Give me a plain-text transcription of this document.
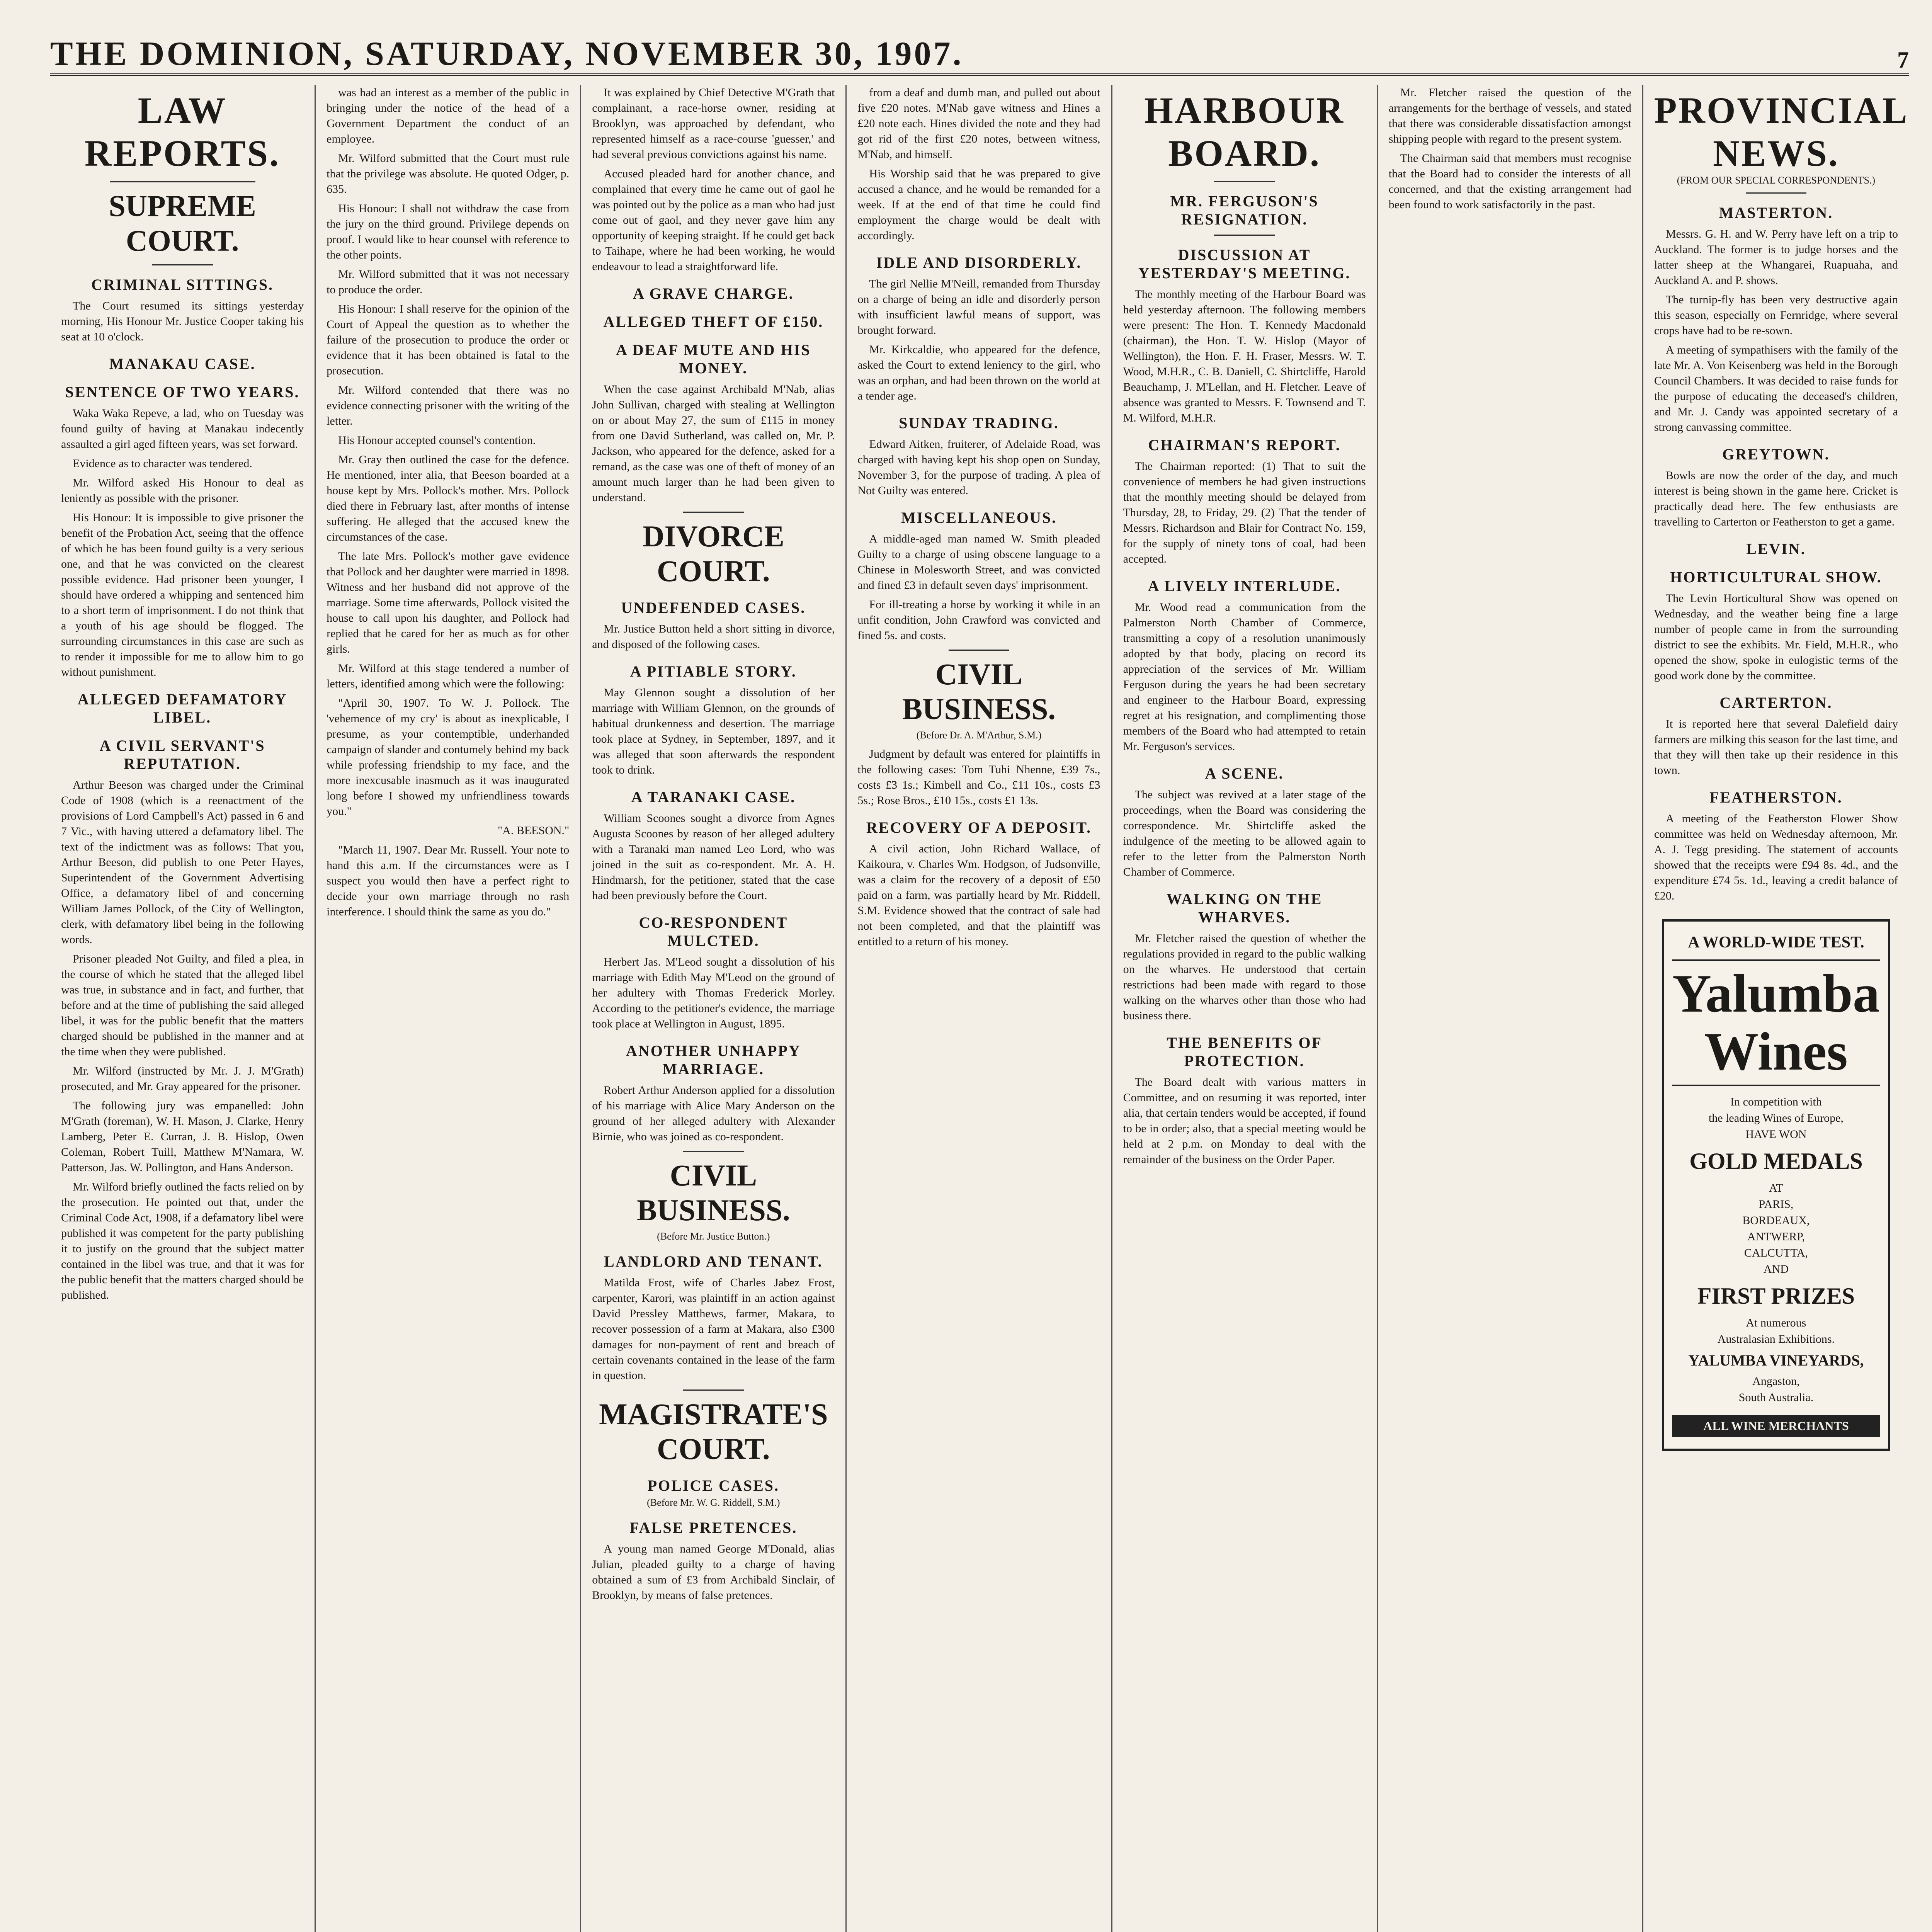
THE DOMINION, SATURDAY, NOVEMBER 30, 1907.	7
LAW REPORTS.
SUPREME COURT.
CRIMINAL SITTINGS.

The Court resumed its sittings yesterday morning, His Honour Mr. Justice Cooper taking his seat at 10 o'clock.

MANAKAU CASE.
SENTENCE OF TWO YEARS.

Waka Waka Repeve, a lad, who on Tuesday was found guilty of having at Manakau indecently assaulted a girl aged fifteen years, was set forward.

Evidence as to character was tendered.

Mr. Wilford asked His Honour to deal as leniently as possible with the prisoner.

His Honour: It is impossible to give prisoner the benefit of the Probation Act, seeing that the offence of which he has been found guilty is a very serious one, and that he was convicted on the clearest possible evidence. Had prisoner been younger, I should have ordered a whipping and sentenced him to a short term of imprisonment. I do not think that a youth of his age should be flogged. The surrounding circumstances in this case are such as to render it impossible for me to allow him to go without punishment.

ALLEGED DEFAMATORY LIBEL.
A CIVIL SERVANT'S REPUTATION.

Arthur Beeson was charged under the Criminal Code of 1908 (which is a reenactment of the provisions of Lord Campbell's Act) passed in 6 and 7 Vic., with having uttered a defamatory libel. The text of the indictment was as follows: That you, Arthur Beeson, did publish to one Peter Hayes, Superintendent of the Government Advertising Office, a defamatory libel of and concerning William James Pollock, of the City of Wellington, clerk, with defamatory libel being in the following words.

Prisoner pleaded Not Guilty, and filed a plea, in the course of which he stated that the alleged libel was true, in substance and in fact, and further, that before and at the time of publishing the said alleged libel, it was for the public benefit that the matters charged should be published in the manner and at the time when they were published.

Mr. Wilford (instructed by Mr. J. J. M'Grath) prosecuted, and Mr. Gray appeared for the prisoner.

The following jury was empanelled: John M'Grath (foreman), W. H. Mason, J. Clarke, Henry Lamberg, Peter E. Curran, J. B. Hislop, Owen Coleman, Robert Tuill, Matthew M'Namara, W. Patterson, Jas. W. Pollington, and Hans Anderson.

Mr. Wilford briefly outlined the facts relied on by the prosecution. He pointed out that, under the Criminal Code Act, 1908, if a defamatory libel were published it was competent for the party publishing it to justify on the ground that the subject matter contained in the libel was true, and that it was for the public benefit that the matters charged should be published.

was had an interest as a member of the public in bringing under the notice of the head of a Government Department the conduct of an employee.

Mr. Wilford submitted that the Court must rule that the privilege was absolute. He quoted Odger, p. 635.

His Honour: I shall not withdraw the case from the jury on the third ground. Privilege depends on proof. I would like to hear counsel with reference to the other points.

Mr. Wilford submitted that it was not necessary to produce the order.

His Honour: I shall reserve for the opinion of the Court of Appeal the question as to whether the failure of the prosecution to produce the order or evidence that it has been obtained is fatal to the prosecution.

Mr. Wilford contended that there was no evidence connecting prisoner with the writing of the letter.

His Honour accepted counsel's contention.

Mr. Gray then outlined the case for the defence. He mentioned, inter alia, that Beeson boarded at a house kept by Mrs. Pollock's mother. Mrs. Pollock died there in February last, after months of intense suffering. He alleged that the accused knew the circumstances of the case.

The late Mrs. Pollock's mother gave evidence that Pollock and her daughter were married in 1898. Witness and her husband did not approve of the marriage. Some time afterwards, Pollock visited the house to call upon his daughter, and Pollock had replied that he cared for her as much as for other girls.

Mr. Wilford at this stage tendered a number of letters, identified among which were the following:

"April 30, 1907. To W. J. Pollock. The 'vehemence of my cry' is about as inexplicable, I presume, as your contemptible, underhanded campaign of slander and contumely behind my back while professing friendship to my face, and the more inexcusable inasmuch as it was inaugurated long before I showed my unfriendliness towards you."

"A. BEESON."

"March 11, 1907. Dear Mr. Russell. Your note to hand this a.m. If the circumstances were as I suspect you would then have a perfect right to decide your own marriage through no rash interference. I should think the same as you do."

It was explained by Chief Detective M'Grath that complainant, a race-horse owner, residing at Brooklyn, was approached by defendant, who represented himself as a race-course 'guesser,' and had several previous convictions against his name.

Accused pleaded hard for another chance, and complained that every time he came out of gaol he was pointed out by the police as a man who had just come out of gaol, and they never gave him any opportunity of keeping straight. If he could get back to Taihape, where he had been working, he would endeavour to lead a straightforward life.

A GRAVE CHARGE.
ALLEGED THEFT OF £150.
A DEAF MUTE AND HIS MONEY.

When the case against Archibald M'Nab, alias John Sullivan, charged with stealing at Wellington on or about May 27, the sum of £115 in money from one David Sutherland, was called on, Mr. P. Jackson, who appeared for the defence, asked for a remand, as the case was one of theft of money of an amount much larger than he had been given to understand.

DIVORCE COURT.
UNDEFENDED CASES.

Mr. Justice Button held a short sitting in divorce, and disposed of the following cases.

A PITIABLE STORY.

May Glennon sought a dissolution of her marriage with William Glennon, on the grounds of habitual drunkenness and desertion. The marriage took place at Sydney, in September, 1897, and it was alleged that soon afterwards the respondent took to drink.

A TARANAKI CASE.

William Scoones sought a divorce from Agnes Augusta Scoones by reason of her alleged adultery with a Taranaki man named Leo Lord, who was joined in the suit as co-respondent. Mr. A. H. Hindmarsh, for the petitioner, stated that the case had been previously before the Court.

CO-RESPONDENT MULCTED.

Herbert Jas. M'Leod sought a dissolution of his marriage with Edith May M'Leod on the ground of her adultery with Thomas Frederick Morley. According to the petitioner's evidence, the marriage took place at Wellington in August, 1895.

ANOTHER UNHAPPY MARRIAGE.

Robert Arthur Anderson applied for a dissolution of his marriage with Alice Mary Anderson on the ground of her alleged adultery with Alexander Birnie, who was joined as co-respondent.

CIVIL BUSINESS.
(Before Mr. Justice Button.)
LANDLORD AND TENANT.

Matilda Frost, wife of Charles Jabez Frost, carpenter, Karori, was plaintiff in an action against David Pressley Matthews, farmer, Makara, to recover possession of a farm at Makara, also £300 damages for non-payment of rent and breach of certain covenants contained in the lease of the farm in question.

MAGISTRATE'S COURT.
POLICE CASES.
(Before Mr. W. G. Riddell, S.M.)
FALSE PRETENCES.

A young man named George M'Donald, alias Julian, pleaded guilty to a charge of having obtained a sum of £3 from Archibald Sinclair, of Brooklyn, by means of false pretences.

from a deaf and dumb man, and pulled out about five £20 notes. M'Nab gave witness and Hines a £20 note each. Hines divided the note and they had got rid of the first £20 notes, between witness, M'Nab, and himself.

His Worship said that he was prepared to give accused a chance, and he would be remanded for a week. If at the end of that time he could find employment the charge would be dealt with accordingly.

IDLE AND DISORDERLY.

The girl Nellie M'Neill, remanded from Thursday on a charge of being an idle and disorderly person with insufficient lawful means of support, was brought forward.

Mr. Kirkcaldie, who appeared for the defence, asked the Court to extend leniency to the girl, who was an orphan, and had been thrown on the world at a tender age.

SUNDAY TRADING.

Edward Aitken, fruiterer, of Adelaide Road, was charged with having kept his shop open on Sunday, November 3, for the purpose of trading. A plea of Not Guilty was entered.

MISCELLANEOUS.

A middle-aged man named W. Smith pleaded Guilty to a charge of using obscene language to a Chinese in Molesworth Street, and was convicted and fined £3 in default seven days' imprisonment.

For ill-treating a horse by working it while in an unfit condition, John Crawford was convicted and fined 5s. and costs.

CIVIL BUSINESS.
(Before Dr. A. M'Arthur, S.M.)

Judgment by default was entered for plaintiffs in the following cases: Tom Tuhi Nhenne, £39 7s., costs £3 1s.; Kimbell and Co., £11 10s., costs £3 5s.; Rose Bros., £10 15s., costs £1 13s.

RECOVERY OF A DEPOSIT.

A civil action, John Richard Wallace, of Kaikoura, v. Charles Wm. Hodgson, of Judsonville, was a claim for the recovery of a deposit of £50 paid on a farm, was partially heard by Mr. Riddell, S.M. Evidence showed that the contract of sale had not been completed, and that the plaintiff was entitled to a return of his money.

HARBOUR BOARD.
MR. FERGUSON'S RESIGNATION.
DISCUSSION AT YESTERDAY'S MEETING.

The monthly meeting of the Harbour Board was held yesterday afternoon. The following members were present: The Hon. T. Kennedy Macdonald (chairman), the Hon. T. W. Hislop (Mayor of Wellington), the Hon. F. H. Fraser, Messrs. W. T. Wood, M.H.R., C. B. Daniell, C. Shirtcliffe, Harold Beauchamp, J. M'Lellan, and H. Fletcher. Leave of absence was granted to Messrs. F. Townsend and T. M. Wilford, M.H.R.

CHAIRMAN'S REPORT.

The Chairman reported: (1) That to suit the convenience of members he had given instructions that the monthly meeting should be delayed from Thursday, 28, to Friday, 29. (2) That the tender of Messrs. Richardson and Blair for Contract No. 159, for the supply of ninety tons of coal, had been accepted.

A LIVELY INTERLUDE.

Mr. Wood read a communication from the Palmerston North Chamber of Commerce, transmitting a copy of a resolution unanimously adopted by that body, placing on record its appreciation of the services of Mr. William Ferguson during the years he had been secretary and engineer to the Harbour Board, expressing regret at his resignation, and complimenting those members of the Board who had attempted to retain Mr. Ferguson's services.

A SCENE.

The subject was revived at a later stage of the proceedings, when the Board was considering the correspondence. Mr. Shirtcliffe asked the indulgence of the meeting to be allowed again to refer to the letter from the Palmerston North Chamber of Commerce.

WALKING ON THE WHARVES.

Mr. Fletcher raised the question of whether the regulations provided in regard to the public walking on the wharves. He understood that certain restrictions had been made with regard to those walking on the wharves other than those who had business there.

THE BENEFITS OF PROTECTION.

The Board dealt with various matters in Committee, and on resuming it was reported, inter alia, that certain tenders would be accepted, if found to be in order; also, that a special meeting would be held at 2 p.m. on Monday to deal with the remainder of the business on the Order Paper.

Mr. Fletcher raised the question of the arrangements for the berthage of vessels, and stated that there was considerable dissatisfaction amongst shipping people with regard to the present system.

The Chairman said that members must recognise that the Board had to consider the interests of all concerned, and that the existing arrangement had been found to work satisfactorily in the past.

PROVINCIAL NEWS.
(FROM OUR SPECIAL CORRESPONDENTS.)
MASTERTON.

Messrs. G. H. and W. Perry have left on a trip to Auckland. The former is to judge horses and the latter sheep at the Whangarei, Ruapuaha, and Auckland A. and P. shows.

The turnip-fly has been very destructive again this season, especially on Fernridge, where several crops have had to be re-sown.

A meeting of sympathisers with the family of the late Mr. A. Von Keisenberg was held in the Borough Council Chambers. It was decided to raise funds for the purpose of educating the deceased's children, and Mr. J. Candy was appointed secretary of a strong canvassing committee.

GREYTOWN.

Bowls are now the order of the day, and much interest is being shown in the game here. Cricket is practically dead here. The few enthusiasts are travelling to Carterton or Featherston to get a game.

LEVIN.
HORTICULTURAL SHOW.

The Levin Horticultural Show was opened on Wednesday, and the weather being fine a large number of people came in from the surrounding district to see the exhibits. Mr. Field, M.H.R., who opened the show, spoke in eulogistic terms of the good work done by the committee.

CARTERTON.

It is reported here that several Dalefield dairy farmers are milking this season for the last time, and that they will then take up their residence in this town.

FEATHERSTON.

A meeting of the Featherston Flower Show committee was held on Wednesday afternoon, Mr. A. J. Tegg presiding. The statement of accounts showed that the receipts were £94 8s. 4d., and the expenditure £74 5s. 1d., leaving a credit balance of £20.

A WORLD-WIDE TEST.
Yalumba Wines
In competition with
the leading Wines of Europe,
HAVE WON
GOLD MEDALS
AT
PARIS,
BORDEAUX,
ANTWERP,
CALCUTTA,
AND
FIRST PRIZES
At numerous
Australasian Exhibitions.
YALUMBA VINEYARDS,
Angaston,
South Australia.
ALL WINE MERCHANTS
